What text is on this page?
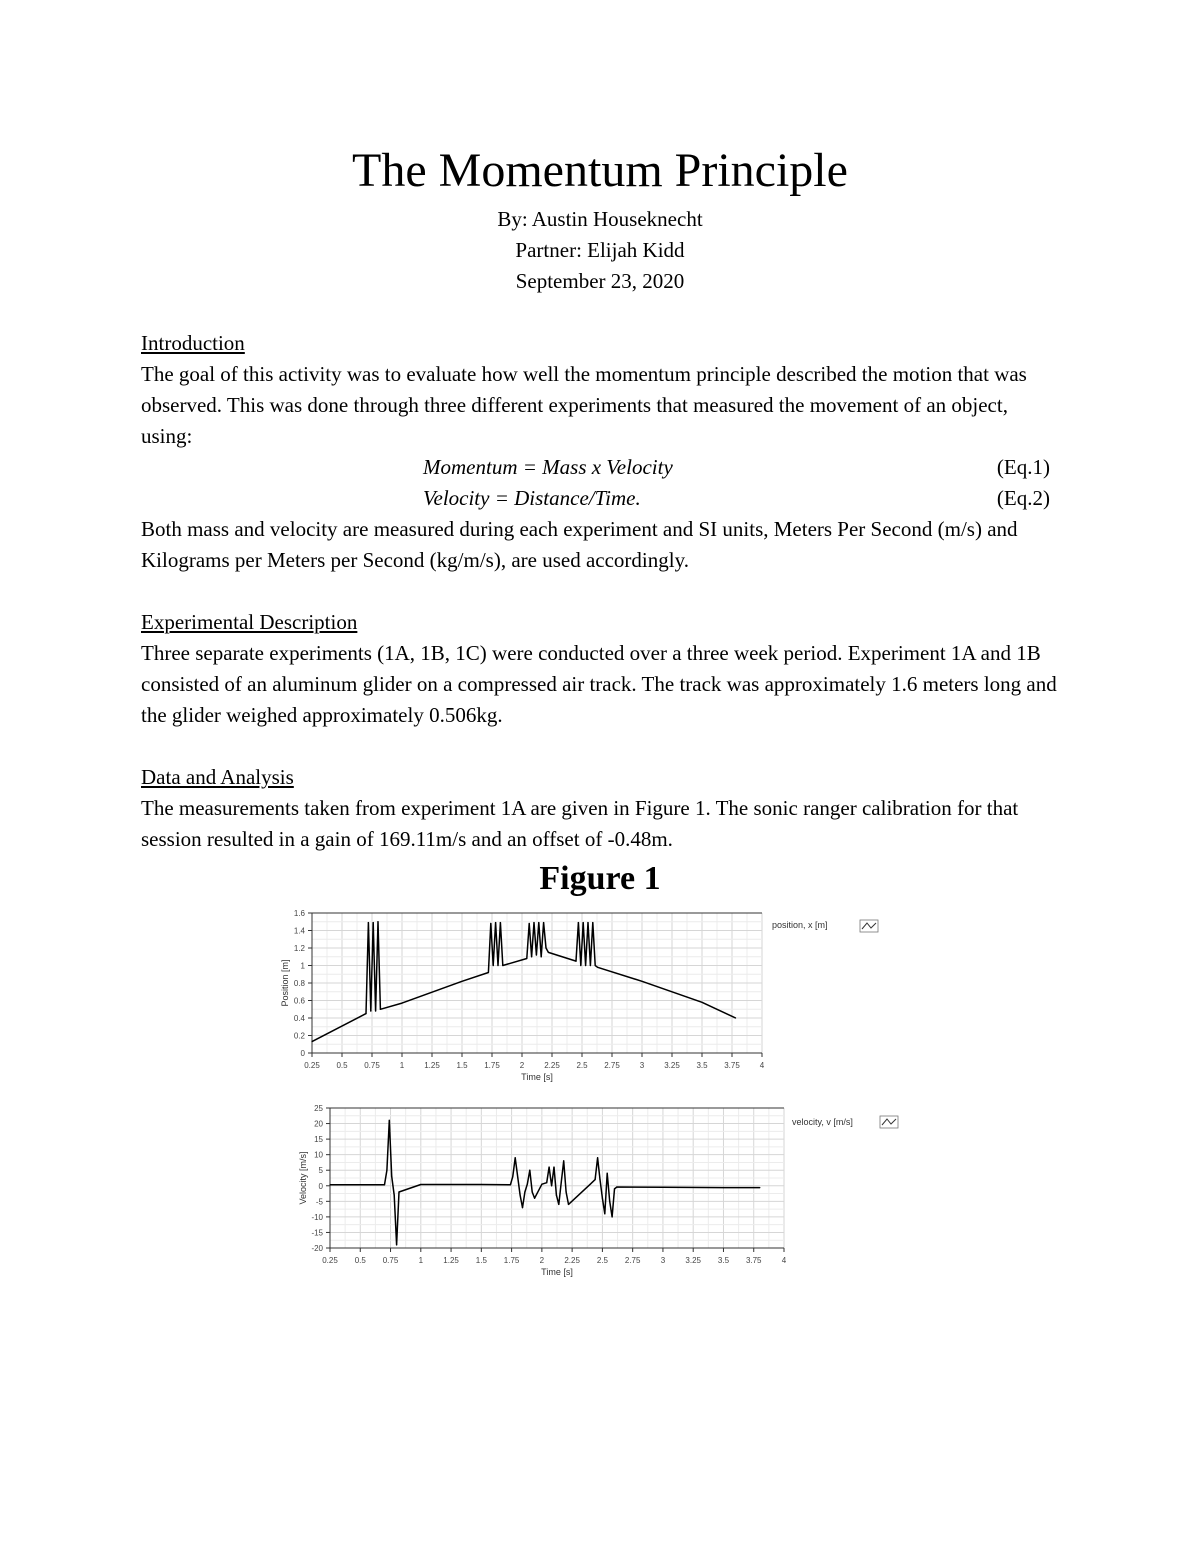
The Momentum Principle
By: Austin Houseknecht
Partner: Elijah Kidd
September 23, 2020
Introduction

The goal of this activity was to evaluate how well the momentum principle described the motion that was observed. This was done through three different experiments that measured the movement of an object, using:

Momentum = Mass x Velocity	(Eq.1)
Velocity = Distance/Time.	(Eq.2)

Both mass and velocity are measured during each experiment and SI units, Meters Per Second (m/s) and Kilograms per Meters per Second (kg/m/s), are used accordingly.

Experimental Description

Three separate experiments (1A, 1B, 1C) were conducted over a three week period. Experiment 1A and 1B consisted of an aluminum glider on a compressed air track. The track was approximately 1.6 meters long and the glider weighed approximately 0.506kg.

Data and Analysis

The measurements taken from experiment 1A are given in Figure 1. The sonic ranger calibration for that session resulted in a gain of 169.11m/s and an offset of -0.48m.

Figure 1
0.25 0.5 0.75 1 1.25 1.5 1.75 2 2.25 2.5 2.75 3 3.25 3.5 3.75 4
0
0.2
0.4
0.6
0.8
1
1.2
1.4
1.6
Time [s]
Position [m]
position, x [m]
0.25 0.5 0.75	1	1.25 1.5 1.75	2	2.25 2.5 2.75	3	3.25 3.5 3.75	4
-20
-15
-10
-5
0
5
10
15
20
25
Time [s]
Velocity [m/s]
velocity, v [m/s]
